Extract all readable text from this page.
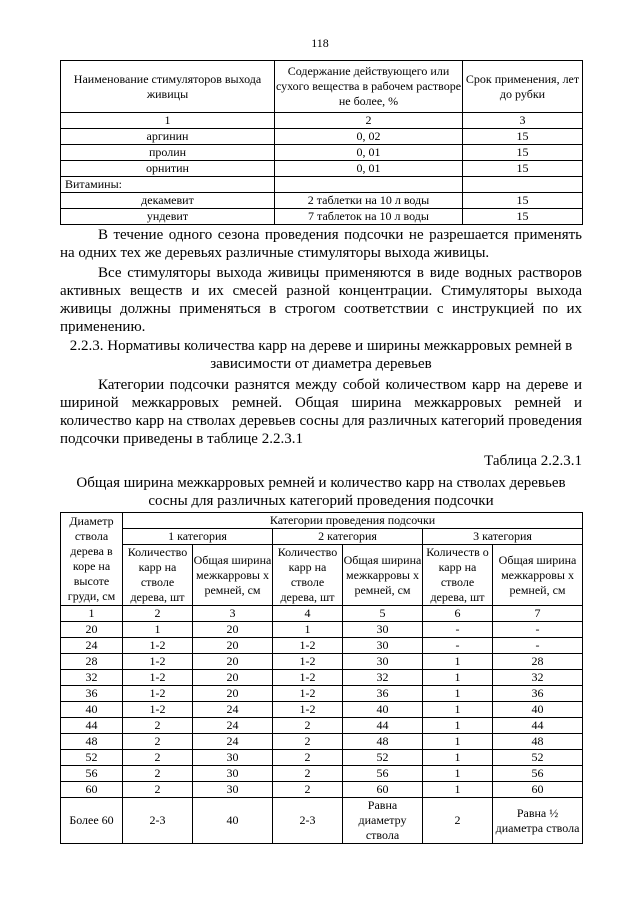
118
Наименование стимуляторов выхода живицы	Содержание действующего или сухого вещества в рабочем растворе не более, %	Срок применения, лет до рубки
1	2	3
аргинин	0, 02	15
пролин	0, 01	15
орнитин	0, 01	15
Витамины:		
декамевит	2 таблетки на 10 л воды	15
ундевит	7 таблеток на 10 л воды	15

В течение одного сезона проведения подсочки не разрешается применять на одних тех же деревьях различные стимуляторы выхода живицы.

Все стимуляторы выхода живицы применяются в виде водных растворов активных веществ и их смесей разной концентрации. Стимуляторы выхода живицы должны применяться в строгом соответствии с инструкцией по их применению.

2.2.3. Нормативы количества карр на дереве и ширины межкарровых ремней в зависимости от диаметра деревьев

Категории подсочки разнятся между собой количеством карр на дереве и шириной межкарровых ремней. Общая ширина межкарровых ремней и количество карр на стволах деревьев сосны для различных категорий проведения подсочки приведены в таблице 2.2.3.1

Таблица 2.2.3.1

Общая ширина межкарровых ремней и количество карр на стволах деревьев сосны для различных категорий проведения подсочки

Диаметр ствола дерева в коре на высоте груди, см	Категории проведения подсочки					
	1 категория		2 категория		3 категория	
	Количество карр на стволе дерева, шт	Общая ширина межкарровы х ремней, см	Количество карр на стволе дерева, шт	Общая ширина межкарровы х ремней, см	Количеств о карр на стволе дерева, шт	Общая ширина межкарровы х ремней, см
1	2	3	4	5	6	7
20	1	20	1	30	-	-
24	1-2	20	1-2	30	-	-
28	1-2	20	1-2	30	1	28
32	1-2	20	1-2	32	1	32
36	1-2	20	1-2	36	1	36
40	1-2	24	1-2	40	1	40
44	2	24	2	44	1	44
48	2	24	2	48	1	48
52	2	30	2	52	1	52
56	2	30	2	56	1	56
60	2	30	2	60	1	60
Более 60	2-3	40	2-3	Равна диаметру ствола	2	Равна ½ диаметра ствола
